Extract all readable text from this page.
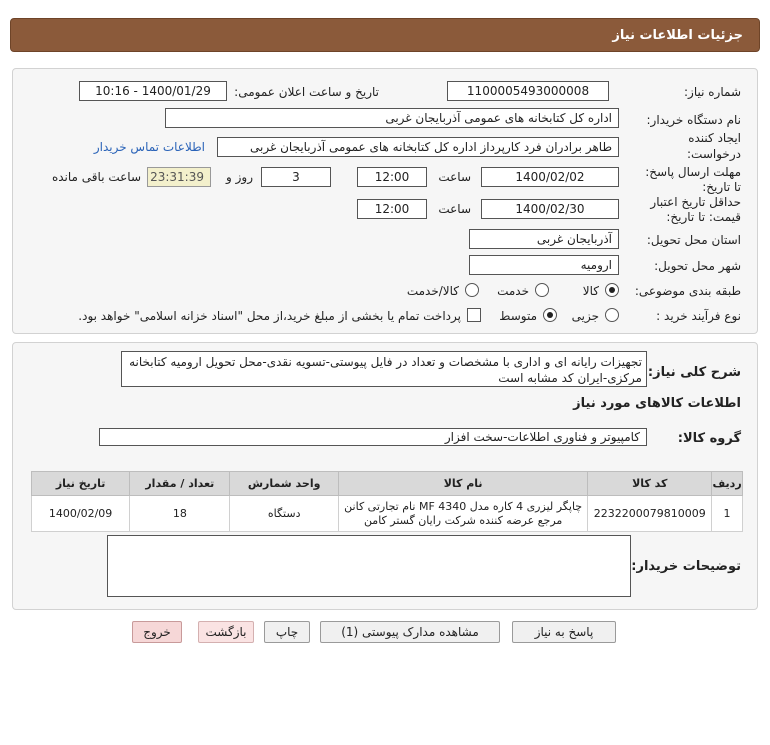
جزئیات اطلاعات نیاز
شماره نیاز:
1100005493000008
تاریخ و ساعت اعلان عمومی:
1400/01/29 - 10:16
نام دستگاه خریدار:
اداره کل کتابخانه های عمومی آذربایجان غربی
ایجاد کننده
درخواست:
طاهر برادران فرد کارپرداز اداره کل کتابخانه های عمومی آذربایجان غربی
اطلاعات تماس خریدار
مهلت ارسال پاسخ:
تا تاریخ:
1400/02/02
ساعت
12:00
3
روز و
23:31:39
ساعت باقی مانده
حداقل تاریخ اعتبار
قیمت: تا تاریخ:
1400/02/30
ساعت
12:00
استان محل تحویل:
آذربایجان غربی
شهر محل تحویل:
ارومیه
طبقه بندی موضوعی:
کالا
خدمت
کالا/خدمت
نوع فرآیند خرید :
جزیی
متوسط
پرداخت تمام یا بخشی از مبلغ خرید،از محل "اسناد خزانه اسلامی" خواهد بود.
شرح کلی نیاز:
تجهیزات رایانه ای و اداری با مشخصات و تعداد در فایل پیوستی-تسویه نقدی-محل تحویل ارومیه کتابخانه مرکزی-ایران کد مشابه است
اطلاعات کالاهای مورد نیاز
گروه کالا:
کامپیوتر و فناوری اطلاعات-سخت افزار
ردیف	کد کالا	نام کالا	واحد شمارش	تعداد / مقدار	تاریخ نیاز
1	2232200079810009	چاپگر لیزری 4 کاره مدل MF 4340 نام تجارتی کانن مرجع عرضه کننده شرکت رایان گستر کامن	دستگاه	18	1400/02/09
توضیحات خریدار:
پاسخ به نیاز
مشاهده مدارک پیوستی (1)
چاپ
بازگشت
خروج
